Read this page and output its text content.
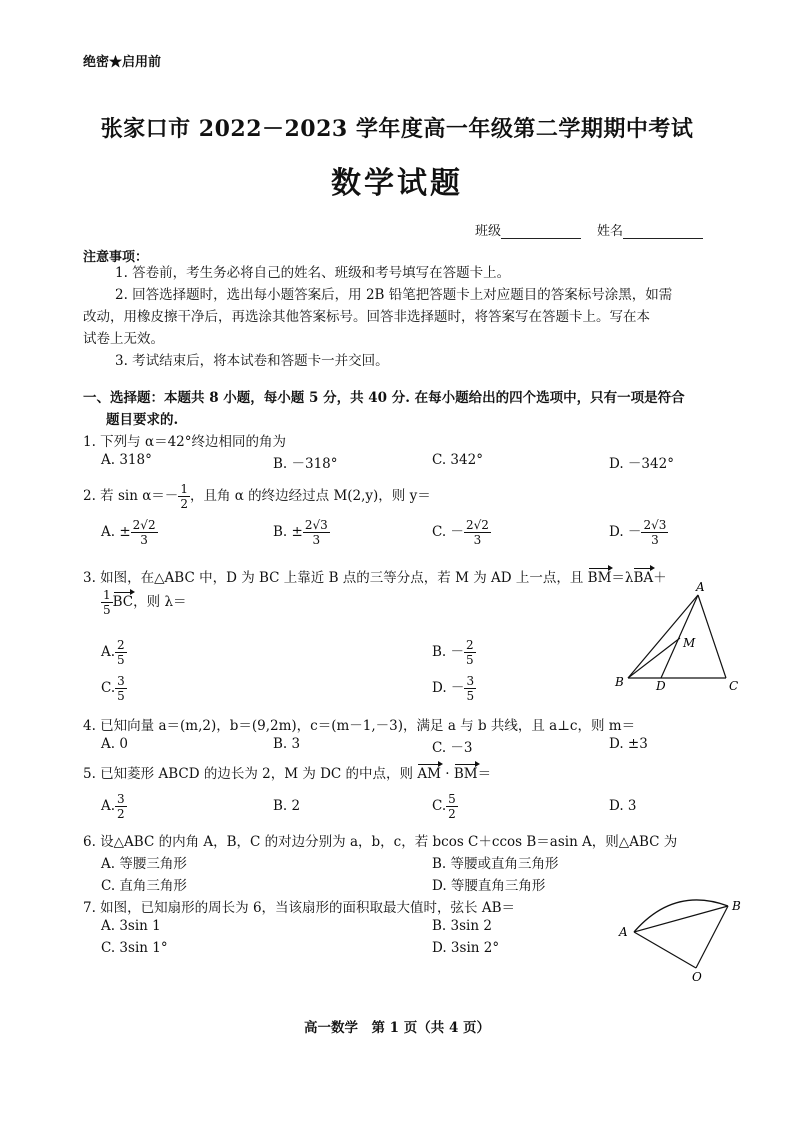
绝密★启用前
张家口市 2022－2023 学年度高一年级第二学期期中考试
数学试题
班级	姓名
注意事项：
1. 答卷前，考生务必将自己的姓名、班级和考号填写在答题卡上。
2. 回答选择题时，选出每小题答案后，用 2B 铅笔把答题卡上对应题目的答案标号涂黑，如需
改动，用橡皮擦干净后，再选涂其他答案标号。回答非选择题时，将答案写在答题卡上。写在本
试卷上无效。
3. 考试结束后，将本试卷和答题卡一并交回。
一、选择题：本题共 8 小题，每小题 5 分，共 40 分. 在每小题给出的四个选项中，只有一项是符合
题目要求的.
1. 下列与 α＝42°终边相同的角为
A. 318°	B. －318°	C. 342°	D. －342°
2. 若 $\sin \alpha=- \frac{1}{2}$ ，且角 α 的终边经过点 M(2,y)，则 y＝
A. ± $\frac{2√2}{3}$	B. ± $\frac{2√3}{3}$	C. － $\frac{2√2}{3}$	D. － $\frac{2√3}{3}$
3. 如图，在△ABC 中，D 为 BC 上靠近 B 点的三等分点，若 M 为 AD 上一点，且 BM＝λBA＋
$\frac{1}{5}$ BC，则 λ＝
A. $\frac{2}{5}$	B. － $\frac{2}{5}$
C. $\frac{3}{5}$	D. － $\frac{3}{5}$
A
B	C
D
M
4. 已知向量 a＝(m,2)，b＝(9,2m)，c＝(m－1,－3)，满足 a 与 b 共线，且 a⊥c，则 m＝
A. 0	B. 3	C. －3	D. ±3
5. 已知菱形 ABCD 的边长为 2，M 为 DC 的中点，则 AM · BM＝
A. $\frac{3}{2}$	B. 2	C. $\frac{5}{2}$	D. 3
6. 设△ABC 的内角 A，B，C 的对边分别为 a，b，c，若 bcos C＋ccos B＝asin A，则△ABC 为
A. 等腰三角形	B. 等腰或直角三角形
C. 直角三角形	D. 等腰直角三角形
7. 如图，已知扇形的周长为 6，当该扇形的面积取最大值时，弦长 AB＝
A. 3sin 1	B. 3sin 2
C. 3sin 1°	D. 3sin 2°
A
B
O
高一数学　第 1 页（共 4 页）
